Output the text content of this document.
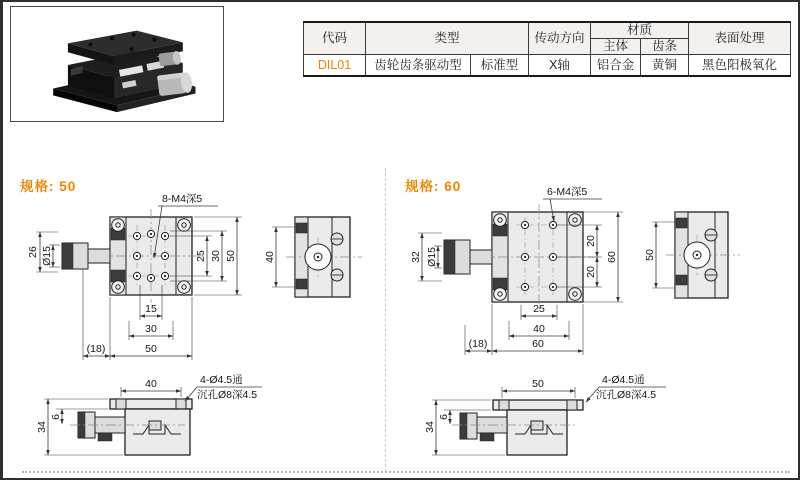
代码	类型		传动方向	材质		表面处理
				主体	齿条	
DIL01	齿轮齿条驱动型	标准型	X轴	铝合金	黄铜	黑色阳极氧化
规格: 50	规格: 60
8-M4深5
26 Ø15	25 30 50
15
30
50
(18)
40
40
34
6
4-Ø4.5通
沉孔Ø8深4.5
6-M4深5
32 Ø15
20
20
60
25
40
(18)	60
50
50
34
6
4-Ø4.5通
沉孔Ø8深4.5
